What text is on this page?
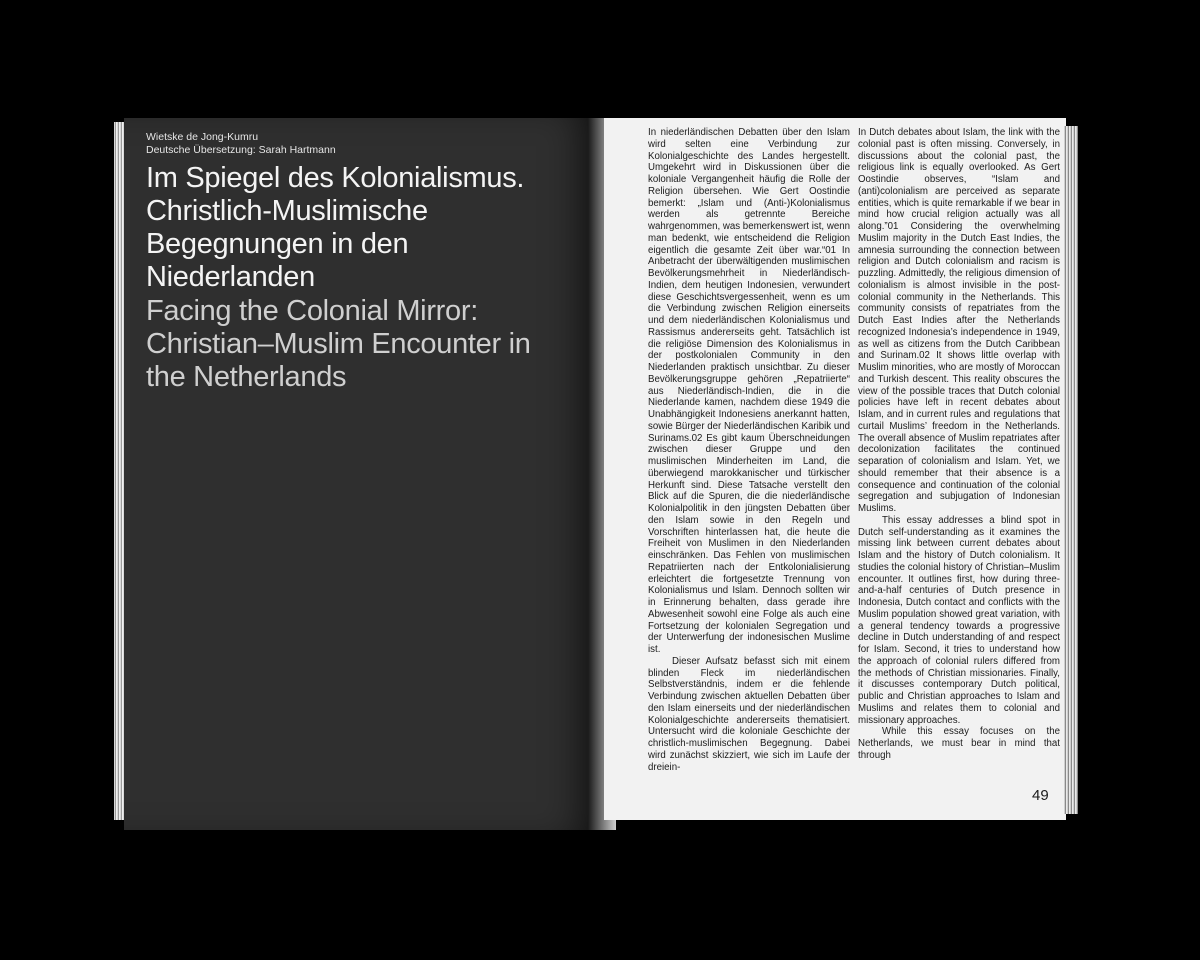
Wietske de Jong-Kumru
Deutsche Übersetzung: Sarah Hartmann
Im Spiegel des Kolonialismus. Christlich-Muslimische Begegnungen in den Niederlanden
Facing the Colonial Mirror: Christian–Muslim Encounter in the Netherlands

In niederländischen Debatten über den Islam wird selten eine Verbindung zur Kolonialgeschichte des Landes hergestellt. Umgekehrt wird in Diskussionen über die koloniale Vergangenheit häufig die Rolle der Religion übersehen. Wie Gert Oostindie bemerkt: „Islam und (Anti-)Kolonialismus werden als getrennte Bereiche wahrgenommen, was bemerkenswert ist, wenn man bedenkt, wie entscheidend die Religion eigentlich die gesamte Zeit über war.“01 In Anbetracht der überwältigenden muslimischen Bevölkerungsmehrheit in Niederländisch-Indien, dem heutigen Indonesien, verwundert diese Geschichtsvergessenheit, wenn es um die Verbindung zwischen Religion einerseits und dem niederländischen Kolonialismus und Rassismus andererseits geht. Tatsächlich ist die religiöse Dimension des Kolonialismus in der postkolonialen Community in den Niederlanden praktisch unsichtbar. Zu dieser Bevölkerungsgruppe gehören „Repatriierte“ aus Niederländisch-Indien, die in die Niederlande kamen, nachdem diese 1949 die Unabhängigkeit Indonesiens anerkannt hatten, sowie Bürger der Niederländischen Karibik und Surinams.02 Es gibt kaum Überschneidungen zwischen dieser Gruppe und den muslimischen Minderheiten im Land, die überwiegend marokkanischer und türkischer Herkunft sind. Diese Tatsache verstellt den Blick auf die Spuren, die die niederländische Kolonialpolitik in den jüngsten Debatten über den Islam sowie in den Regeln und Vorschriften hinterlassen hat, die heute die Freiheit von Muslimen in den Niederlanden einschränken. Das Fehlen von muslimischen Repatriierten nach der Entkolonialisierung erleichtert die fortgesetzte Trennung von Kolonialismus und Islam. Dennoch sollten wir in Erinnerung behalten, dass gerade ihre Abwesenheit sowohl eine Folge als auch eine Fortsetzung der kolonialen Segregation und der Unterwerfung der indonesischen Muslime ist.

Dieser Aufsatz befasst sich mit einem blinden Fleck im niederländischen Selbstverständnis, indem er die fehlende Verbindung zwischen aktuellen Debatten über den Islam einerseits und der niederländischen Kolonialgeschichte andererseits thematisiert. Untersucht wird die koloniale Geschichte der christlich-muslimischen Begegnung. Dabei wird zunächst skizziert, wie sich im Laufe der dreiein-

In Dutch debates about Islam, the link with the colonial past is often missing. Conversely, in discussions about the colonial past, the religious link is equally overlooked. As Gert Oostindie observes, “Islam and (anti)colonialism are perceived as separate entities, which is quite remarkable if we bear in mind how crucial religion actually was all along.”01 Considering the overwhelming Muslim majority in the Dutch East Indies, the amnesia surrounding the connection between religion and Dutch colonialism and racism is puzzling. Admittedly, the religious dimension of colonialism is almost invisible in the post-colonial community in the Netherlands. This community consists of repatriates from the Dutch East Indies after the Netherlands recognized Indonesia’s independence in 1949, as well as citizens from the Dutch Caribbean and Surinam.02 It shows little overlap with Muslim minorities, who are mostly of Moroccan and Turkish descent. This reality obscures the view of the possible traces that Dutch colonial policies have left in recent debates about Islam, and in current rules and regulations that curtail Muslims’ freedom in the Netherlands. The overall absence of Muslim repatriates after decolonization facilitates the continued separation of colonialism and Islam. Yet, we should remember that their absence is a consequence and continuation of the colonial segregation and subjugation of Indonesian Muslims.

This essay addresses a blind spot in Dutch self-understanding as it examines the missing link between current debates about Islam and the history of Dutch colonialism. It studies the colonial history of Christian–Muslim encounter. It outlines first, how during three-and-a-half centuries of Dutch presence in Indonesia, Dutch contact and conflicts with the Muslim population showed great variation, with a general tendency towards a progressive decline in Dutch understanding of and respect for Islam. Second, it tries to understand how the approach of colonial rulers differed from the methods of Christian missionaries. Finally, it discusses contemporary Dutch political, public and Christian approaches to Islam and Muslims and relates them to colonial and missionary approaches.

While this essay focuses on the Netherlands, we must bear in mind that through

49
